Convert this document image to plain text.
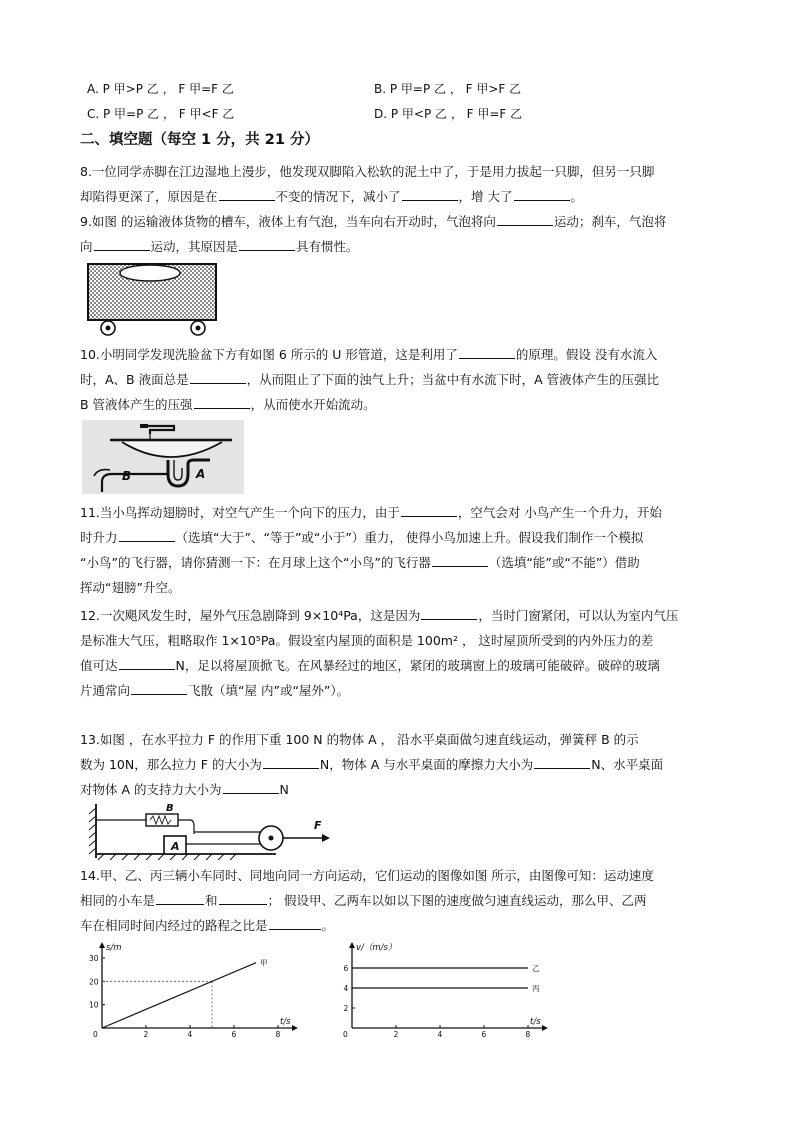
A. P 甲>P 乙 ， F 甲=F 乙	B. P 甲=P 乙 ， F 甲>F 乙
C. P 甲=P 乙 ， F 甲<F 乙	D. P 甲<P 乙 ， F 甲=F 乙
二、填空题（每空 1 分，共 21 分）
8.一位同学赤脚在江边湿地上漫步，他发现双脚陷入松软的泥土中了，于是用力拔起一只脚，但另一只脚
却陷得更深了，原因是在	不变的情况下，减小了	，增 大了	。
9.如图 的运输液体货物的槽车，液体上有气泡，当车向右开动时，气泡将向	运动；刹车，气泡将
向	运动，其原因是	具有惯性。
10.小明同学发现洗脸盆下方有如图 6 所示的 U 形管道，这是利用了	的原理。假设 没有水流入
时，A、B 液面总是	，从而阻止了下面的浊气上升；当盆中有水流下时，A 管液体产生的压强比
B 管液体产生的压强	，从而使水开始流动。
B	A
11.当小鸟挥动翅膀时，对空气产生一个向下的压力，由于	，空气会对 小鸟产生一个升力，开始
时升力	（选填“大于”、“等于”或“小于”）重力， 使得小鸟加速上升。假设我们制作一个模拟
“小鸟”的飞行器，请你猜测一下：在月球上这个“小鸟”的飞行器	（选填“能”或“不能”）借助
挥动“翅膀”升空。
12.一次飓风发生时，屋外气压急剧降到 9×10⁴Pa，这是因为	，当时门窗紧闭，可以认为室内气压
是标准大气压，粗略取作 1×10⁵Pa。假设室内屋顶的面积是 100m² ， 这时屋顶所受到的内外压力的差
值可达	N，足以将屋顶掀飞。在风暴经过的地区，紧闭的玻璃窗上的玻璃可能破碎。破碎的玻璃
片通常向	飞散（填“屋 内”或“屋外”）。
13.如图 ，在水平拉力 F 的作用下重 100 N 的物体 A ， 沿水平桌面做匀速直线运动，弹簧秤 B 的示
数为 10N，那么拉力 F 的大小为	N，物体 A 与水平桌面的摩擦力大小为	N、水平桌面
对物体 A 的支持力大小为	N
B
A
F
14.甲、乙、丙三辆小车同时、同地向同一方向运动，它们运动的图像如图 所示，由图像可知：运动速度
相同的小车是	和	； 假设甲、乙两车以如以下图的速度做匀速直线运动，那么甲、乙两
车在相同时间内经过的路程之比是	。
s/m
t/s
0	2	4	6	8
10
20
30
甲
v/（m/s）
t/s
0	2	4	6	8
2
4
6	乙
丙
